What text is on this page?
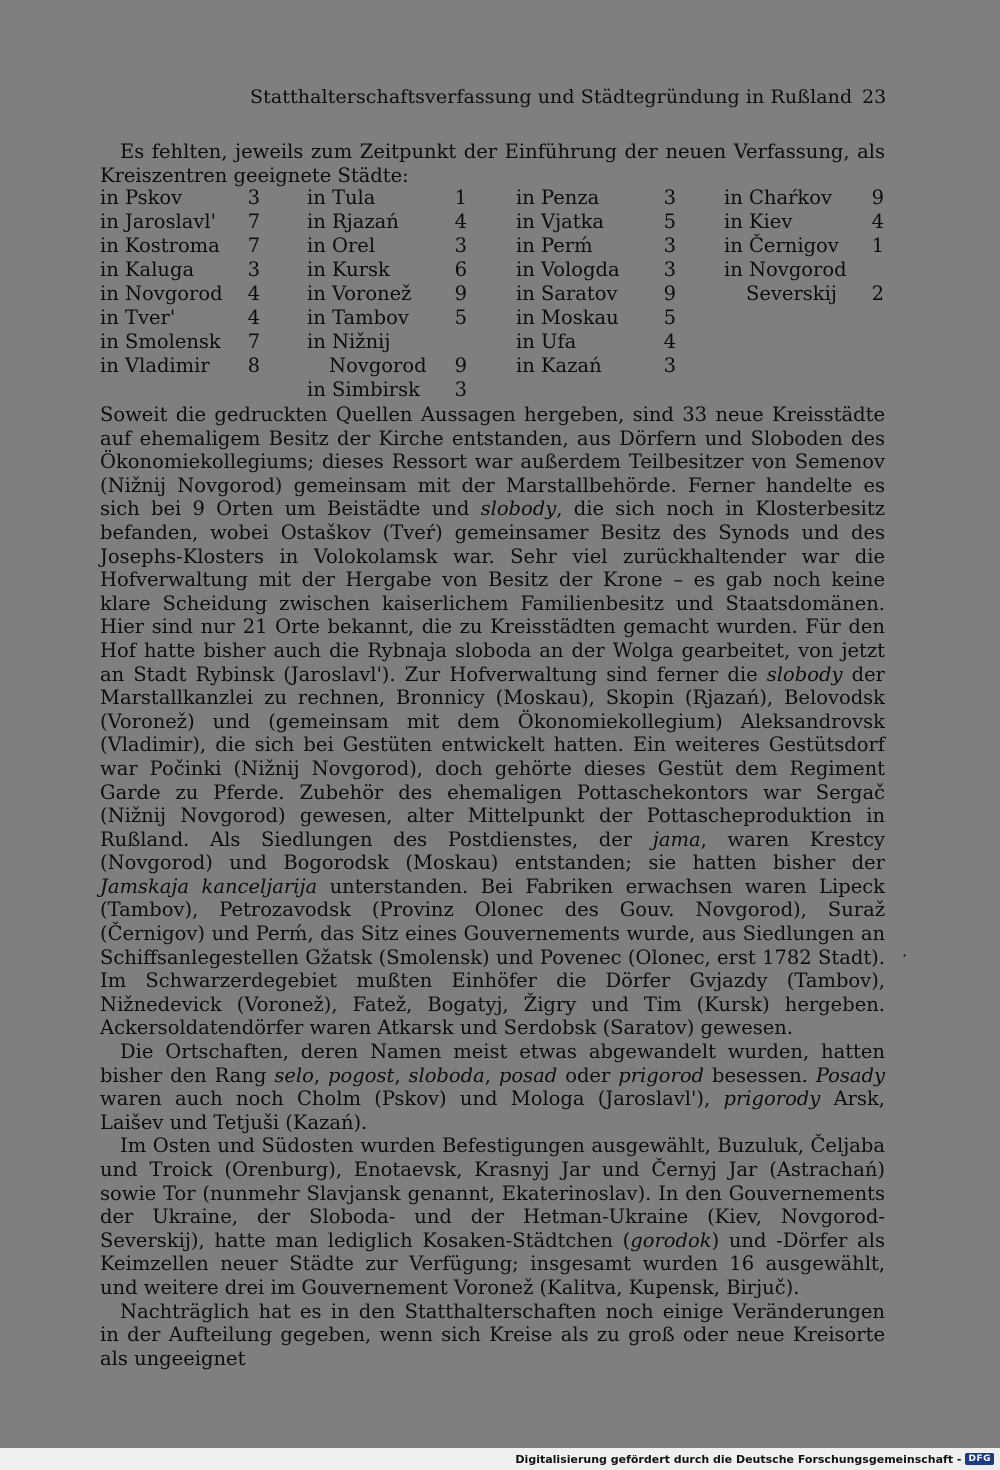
Statthalterschaftsverfassung und Städtegründung in Rußland 23
Es fehlten, jeweils zum Zeitpunkt der Einführung der neuen Verfassung, als Kreiszentren geeignete Städte:
in Pskov	3
in Jaroslavl' 7
in Kostroma 7
in Kaluga	3
in Novgorod 4
in Tver'	4
in Smolensk 7
in Vladimir 8
in Tula	1
in Rjazań	4
in Orel	3
in Kursk	6
in Voronež 9
in Tambov 5
in Nižnij
Novgorod 9
in Simbirsk 3
in Penza	3
in Vjatka	5
in Perḿ	3
in Vologda 3
in Saratov 9
in Moskau 5
in Ufa	4
in Kazań	3
in Chaŕkov 9
in Kiev	4
in Černigov 1
in Novgorod
Severskij 2

Soweit die gedruckten Quellen Aussagen hergeben, sind 33 neue Kreisstädte auf ehemaligem Besitz der Kirche entstanden, aus Dörfern und Sloboden des Ökonomiekollegiums; dieses Ressort war außerdem Teilbesitzer von Semenov (Nižnij Novgorod) gemeinsam mit der Marstallbehörde. Ferner handelte es sich bei 9 Orten um Beistädte und slobody, die sich noch in Klosterbesitz befanden, wobei Ostaškov (Tveŕ) gemeinsamer Besitz des Synods und des Josephs-Klosters in Volokolamsk war. Sehr viel zurückhaltender war die Hofverwaltung mit der Hergabe von Besitz der Krone – es gab noch keine klare Scheidung zwischen kaiserlichem Familienbesitz und Staatsdomänen. Hier sind nur 21 Orte bekannt, die zu Kreisstädten gemacht wurden. Für den Hof hatte bisher auch die Rybnaja sloboda an der Wolga gearbeitet, von jetzt an Stadt Rybinsk (Jaroslavl'). Zur Hofverwaltung sind ferner die slobody der Marstallkanzlei zu rechnen, Bronnicy (Moskau), Skopin (Rjazań), Belovodsk (Voronež) und (gemeinsam mit dem Ökonomiekollegium) Aleksandrovsk (Vladimir), die sich bei Gestüten entwickelt hatten. Ein weiteres Gestütsdorf war Počinki (Nižnij Novgorod), doch gehörte dieses Gestüt dem Regiment Garde zu Pferde. Zubehör des ehemaligen Pottaschekontors war Sergač (Nižnij Novgorod) gewesen, alter Mittelpunkt der Pottascheproduktion in Rußland. Als Siedlungen des Postdienstes, der jama, waren Krestcy (Novgorod) und Bogorodsk (Moskau) entstanden; sie hatten bisher der Jamskaja kanceljarija unterstanden. Bei Fabriken erwachsen waren Lipeck (Tambov), Petrozavodsk (Provinz Olonec des Gouv. Novgorod), Suraž (Černigov) und Perḿ, das Sitz eines Gouvernements wurde, aus Siedlungen an Schiffsanlegestellen Gžatsk (Smolensk) und Povenec (Olonec, erst 1782 Stadt). Im Schwarzerdegebiet mußten Einhöfer die Dörfer Gvjazdy (Tambov), Nižnedevick (Voronež), Fatež, Bogatyj, Žigry und Tim (Kursk) hergeben. Ackersoldatendörfer waren Atkarsk und Serdobsk (Saratov) gewesen.

Die Ortschaften, deren Namen meist etwas abgewandelt wurden, hatten bisher den Rang selo, pogost, sloboda, posad oder prigorod besessen. Posady waren auch noch Cholm (Pskov) und Mologa (Jaroslavl'), prigorody Arsk, Laišev und Tetjuši (Kazań).

Im Osten und Südosten wurden Befestigungen ausgewählt, Buzuluk, Čeljaba und Troick (Orenburg), Enotaevsk, Krasnyj Jar und Černyj Jar (Astrachań) sowie Tor (nunmehr Slavjansk genannt, Ekaterinoslav). In den Gouvernements der Ukraine, der Sloboda- und der Hetman-Ukraine (Kiev, Novgorod-Severskij), hatte man lediglich Kosaken-Städtchen (gorodok) und -Dörfer als Keimzellen neuer Städte zur Verfügung; insgesamt wurden 16 ausgewählt, und weitere drei im Gouvernement Voronež (Kalitva, Kupensk, Birjuč).

Nachträglich hat es in den Statthalterschaften noch einige Veränderungen in der Aufteilung gegeben, wenn sich Kreise als zu groß oder neue Kreisorte als ungeeignet

·
Digitalisierung gefördert durch die Deutsche Forschungsgemeinschaft - DFG
